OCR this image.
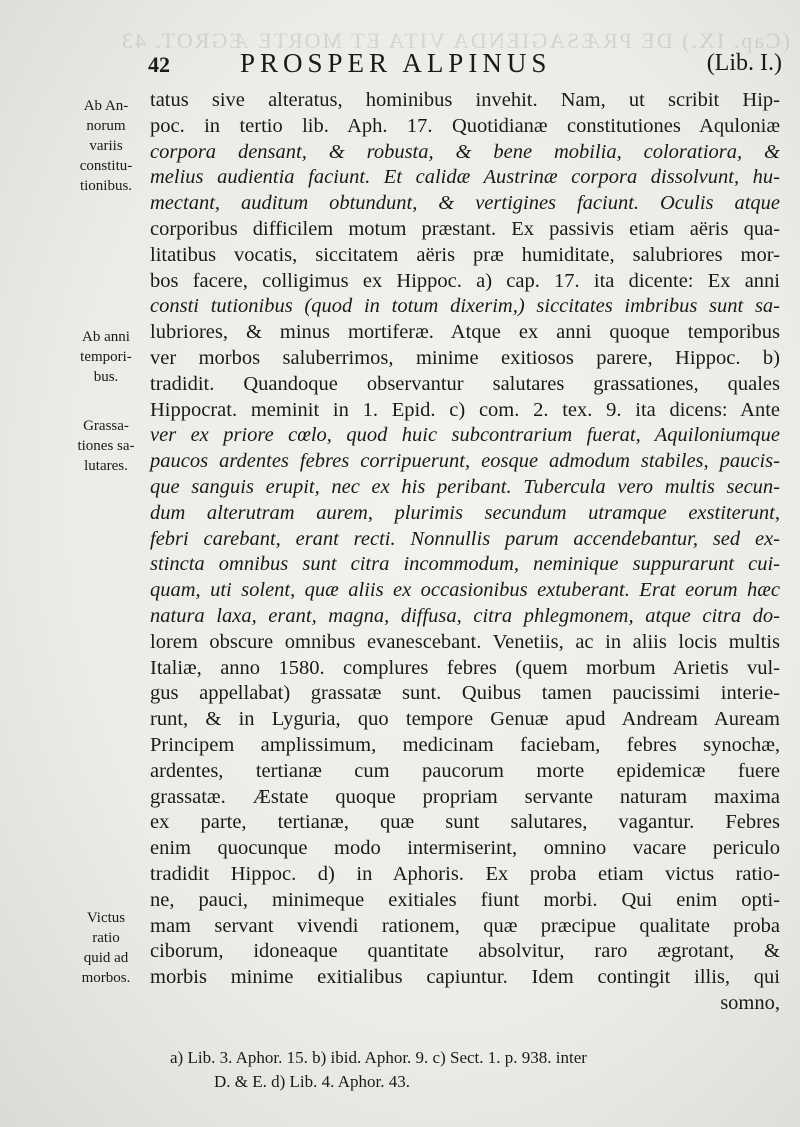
(Cap. IX.) DE PRÆSAGIENDA VITA ET MORTE ÆGROT. 43
42	PROSPER ALPINUS	(Lib. I.)
Ab An-
norum
variis
constitu-
tionibus.
Ab anni
tempori-
bus.
Grassa-
tiones sa-
lutares.
Victus
ratio
quid ad
morbos.
tatus sive alteratus, hominibus invehit. Nam, ut scribit Hip-
poc. in tertio lib. Aph. 17. Quotidianæ constitutiones Aquloniæ
corpora densant, & robusta, & bene mobilia, coloratiora, &
melius audientia faciunt. Et calidæ Austrinæ corpora dissolvunt, hu-
mectant, auditum obtundunt, & vertigines faciunt. Oculis atque
corporibus difficilem motum præstant. Ex passivis etiam aëris qua-
litatibus vocatis, siccitatem aëris præ humiditate, salubriores mor-
bos facere, colligimus ex Hippoc. a) cap. 17. ita dicente: Ex anni
consti tutionibus (quod in totum dixerim,) siccitates imbribus sunt sa-
lubriores, & minus mortiferæ. Atque ex anni quoque temporibus
ver morbos saluberrimos, minime exitiosos parere, Hippoc. b)
tradidit. Quandoque observantur salutares grassationes, quales
Hippocrat. meminit in 1. Epid. c) com. 2. tex. 9. ita dicens: Ante
ver ex priore cœlo, quod huic subcontrarium fuerat, Aquiloniumque
paucos ardentes febres corripuerunt, eosque admodum stabiles, paucis-
que sanguis erupit, nec ex his peribant. Tubercula vero multis secun-
dum alterutram aurem, plurimis secundum utramque exstiterunt,
febri carebant, erant recti. Nonnullis parum accendebantur, sed ex-
stincta omnibus sunt citra incommodum, neminique suppurarunt cui-
quam, uti solent, quæ aliis ex occasionibus extuberant. Erat eorum hæc
natura laxa, erant, magna, diffusa, citra phlegmonem, atque citra do-
lorem obscure omnibus evanescebant. Venetiis, ac in aliis locis multis
Italiæ, anno 1580. complures febres (quem morbum Arietis vul-
gus appellabat) grassatæ sunt. Quibus tamen paucissimi interie-
runt, & in Lyguria, quo tempore Genuæ apud Andream Auream
Principem amplissimum, medicinam faciebam, febres synochæ,
ardentes, tertianæ cum paucorum morte epidemicæ fuere
grassatæ. Æstate quoque propriam servante naturam maxima
ex parte, tertianæ, quæ sunt salutares, vagantur. Febres
enim quocunque modo intermiserint, omnino vacare periculo
tradidit Hippoc. d) in Aphoris. Ex proba etiam victus ratio-
ne, pauci, minimeque exitiales fiunt morbi. Qui enim opti-
mam servant vivendi rationem, quæ præcipue qualitate proba
ciborum, idoneaque quantitate absolvitur, raro ægrotant, &
morbis minime exitialibus capiuntur. Idem contingit illis, qui
somno,
a) Lib. 3. Aphor. 15. b) ibid. Aphor. 9. c) Sect. 1. p. 938. inter
D. & E. d) Lib. 4. Aphor. 43.
